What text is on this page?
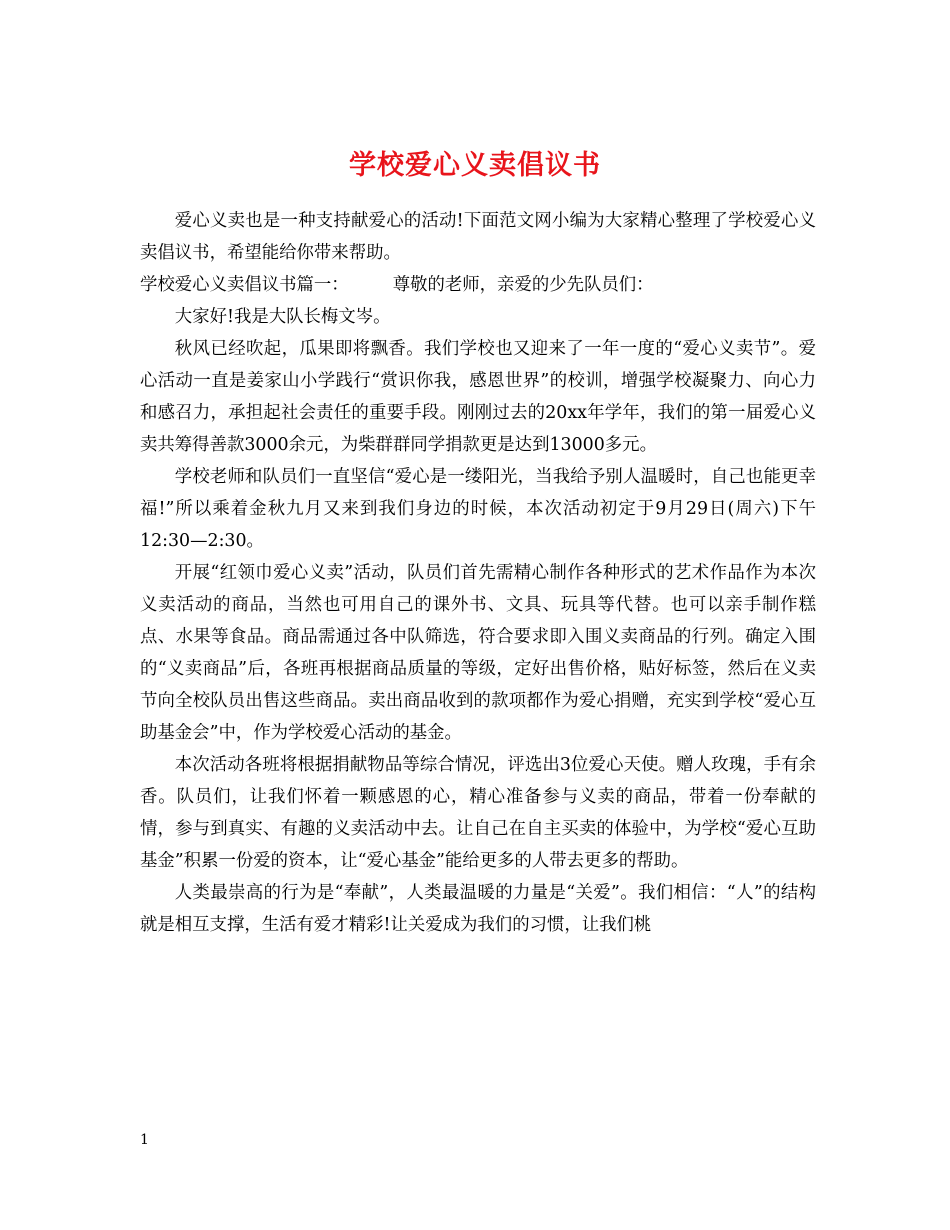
学校爱心义卖倡议书

爱心义卖也是一种支持献爱心的活动!下面范文网小编为大家精心整理了学校爱心义卖倡议书，希望能给你带来帮助。

学校爱心义卖倡议书篇一：	尊敬的老师，亲爱的少先队员们：

大家好!我是大队长梅文岑。

秋风已经吹起，瓜果即将飘香。我们学校也又迎来了一年一度的“爱心义卖节”。爱心活动一直是姜家山小学践行“赏识你我，感恩世界”的校训，增强学校凝聚力、向心力和感召力，承担起社会责任的重要手段。刚刚过去的20xx年学年，我们的第一届爱心义卖共筹得善款3000余元，为柴群群同学捐款更是达到13000多元。

学校老师和队员们一直坚信“爱心是一缕阳光，当我给予别人温暖时，自己也能更幸福!”所以乘着金秋九月又来到我们身边的时候，本次活动初定于9月29日(周六)下午12:30—2:30。

开展“红领巾爱心义卖”活动，队员们首先需精心制作各种形式的艺术作品作为本次义卖活动的商品，当然也可用自己的课外书、文具、玩具等代替。也可以亲手制作糕点、水果等食品。商品需通过各中队筛选，符合要求即入围义卖商品的行列。确定入围的“义卖商品”后，各班再根据商品质量的等级，定好出售价格，贴好标签，然后在义卖节向全校队员出售这些商品。卖出商品收到的款项都作为爱心捐赠，充实到学校“爱心互助基金会”中，作为学校爱心活动的基金。

本次活动各班将根据捐献物品等综合情况，评选出3位爱心天使。赠人玫瑰，手有余香。队员们，让我们怀着一颗感恩的心，精心准备参与义卖的商品，带着一份奉献的情，参与到真实、有趣的义卖活动中去。让自己在自主买卖的体验中，为学校“爱心互助基金”积累一份爱的资本，让“爱心基金”能给更多的人带去更多的帮助。

人类最崇高的行为是“奉献”，人类最温暖的力量是“关爱”。我们相信：“人”的结构就是相互支撑，生活有爱才精彩!让关爱成为我们的习惯，让我们桃

1
